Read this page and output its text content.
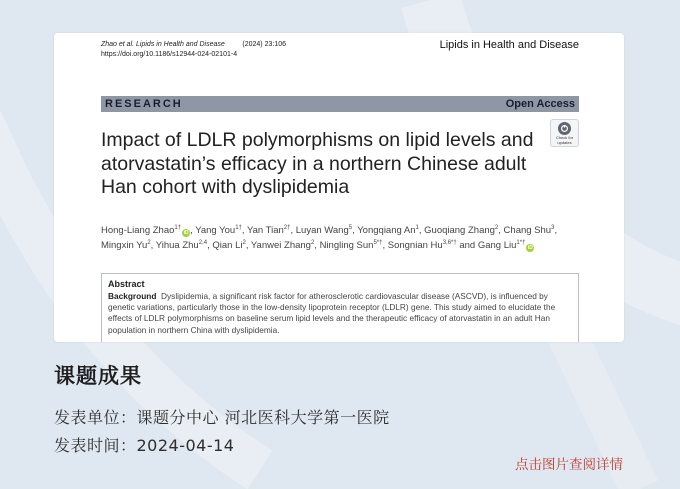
Zhao et al. Lipids in Health and Disease	(2024) 23:106
https://doi.org/10.1186/s12944-024-02101-4
Lipids in Health and Disease
RESEARCH	Open Access
Impact of LDLR polymorphisms on lipid levels and atorvastatin’s efficacy in a northern Chinese adult Han cohort with dyslipidemia
Check for updates
Hong-Liang Zhao$^{1\dagger}$iD , Yang You$^{1\dagger}$, Yan Tian$^{2\dagger}$, Luyan Wang$^5$, Yongqiang An$^1$, Guoqiang Zhang$^2$, Chang Shu$^3$, Mingxin Yu$^2$, Yihua Zhu$^{2,4}$, Qian Li$^2$, Yanwei Zhang$^2$, Ningling Sun$^{5*\dagger}$, Songnian $Hu^{3,6*\dagger}$ and Gang Liu$^{1*\dagger}$iD
Abstract
Background Dyslipidemia, a significant risk factor for atherosclerotic cardiovascular disease (ASCVD), is influenced by genetic variations, particularly those in the low-density lipoprotein receptor (LDLR) gene. This study aimed to elucidate the effects of LDLR polymorphisms on baseline serum lipid levels and the therapeutic efficacy of atorvastatin in an adult Han population in northern China with dyslipidemia.
课题成果
发表单位：课题分中心 河北医科大学第一医院
发表时间：2024-04-14
点击图片查阅详情
